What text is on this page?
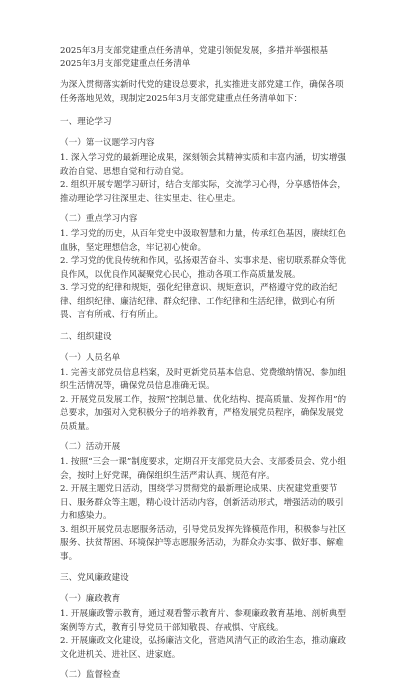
2025年3月支部党建重点任务清单，党建引领促发展，多措并举强根基

2025年3月支部党建重点任务清单

为深入贯彻落实新时代党的建设总要求，扎实推进支部党建工作，确保各项任务落地见效，现制定2025年3月支部党建重点任务清单如下：

一、理论学习

（一）第一议题学习内容

1. 深入学习党的最新理论成果，深刻领会其精神实质和丰富内涵，切实增强政治自觉、思想自觉和行动自觉。

2. 组织开展专题学习研讨，结合支部实际，交流学习心得，分享感悟体会，推动理论学习往深里走、往实里走、往心里走。

（二）重点学习内容

1. 学习党的历史，从百年党史中汲取智慧和力量，传承红色基因，赓续红色血脉，坚定理想信念，牢记初心使命。

2. 学习党的优良传统和作风，弘扬艰苦奋斗、实事求是、密切联系群众等优良作风，以优良作风凝聚党心民心，推动各项工作高质量发展。

3. 学习党的纪律和规矩，强化纪律意识、规矩意识，严格遵守党的政治纪律、组织纪律、廉洁纪律、群众纪律、工作纪律和生活纪律，做到心有所畏、言有所戒、行有所止。

二、组织建设

（一）人员名单

1. 完善支部党员信息档案，及时更新党员基本信息、党费缴纳情况、参加组织生活情况等，确保党员信息准确无误。

2. 开展党员发展工作，按照“控制总量、优化结构、提高质量、发挥作用”的总要求，加强对入党积极分子的培养教育，严格发展党员程序，确保发展党员质量。

（二）活动开展

1. 按照“三会一课”制度要求，定期召开支部党员大会、支部委员会、党小组会，按时上好党课，确保组织生活严肃认真、规范有序。

2. 开展主题党日活动，围绕学习贯彻党的最新理论成果、庆祝建党重要节日、服务群众等主题，精心设计活动内容，创新活动形式，增强活动的吸引力和感染力。

3. 组织开展党员志愿服务活动，引导党员发挥先锋模范作用，积极参与社区服务、扶贫帮困、环境保护等志愿服务活动，为群众办实事、做好事、解难事。

三、党风廉政建设

（一）廉政教育

1. 开展廉政警示教育，通过观看警示教育片、参观廉政教育基地、剖析典型案例等方式，教育引导党员干部知敬畏、存戒惧、守底线。

2. 开展廉政文化建设，弘扬廉洁文化，营造风清气正的政治生态，推动廉政文化进机关、进社区、进家庭。

（二）监督检查
